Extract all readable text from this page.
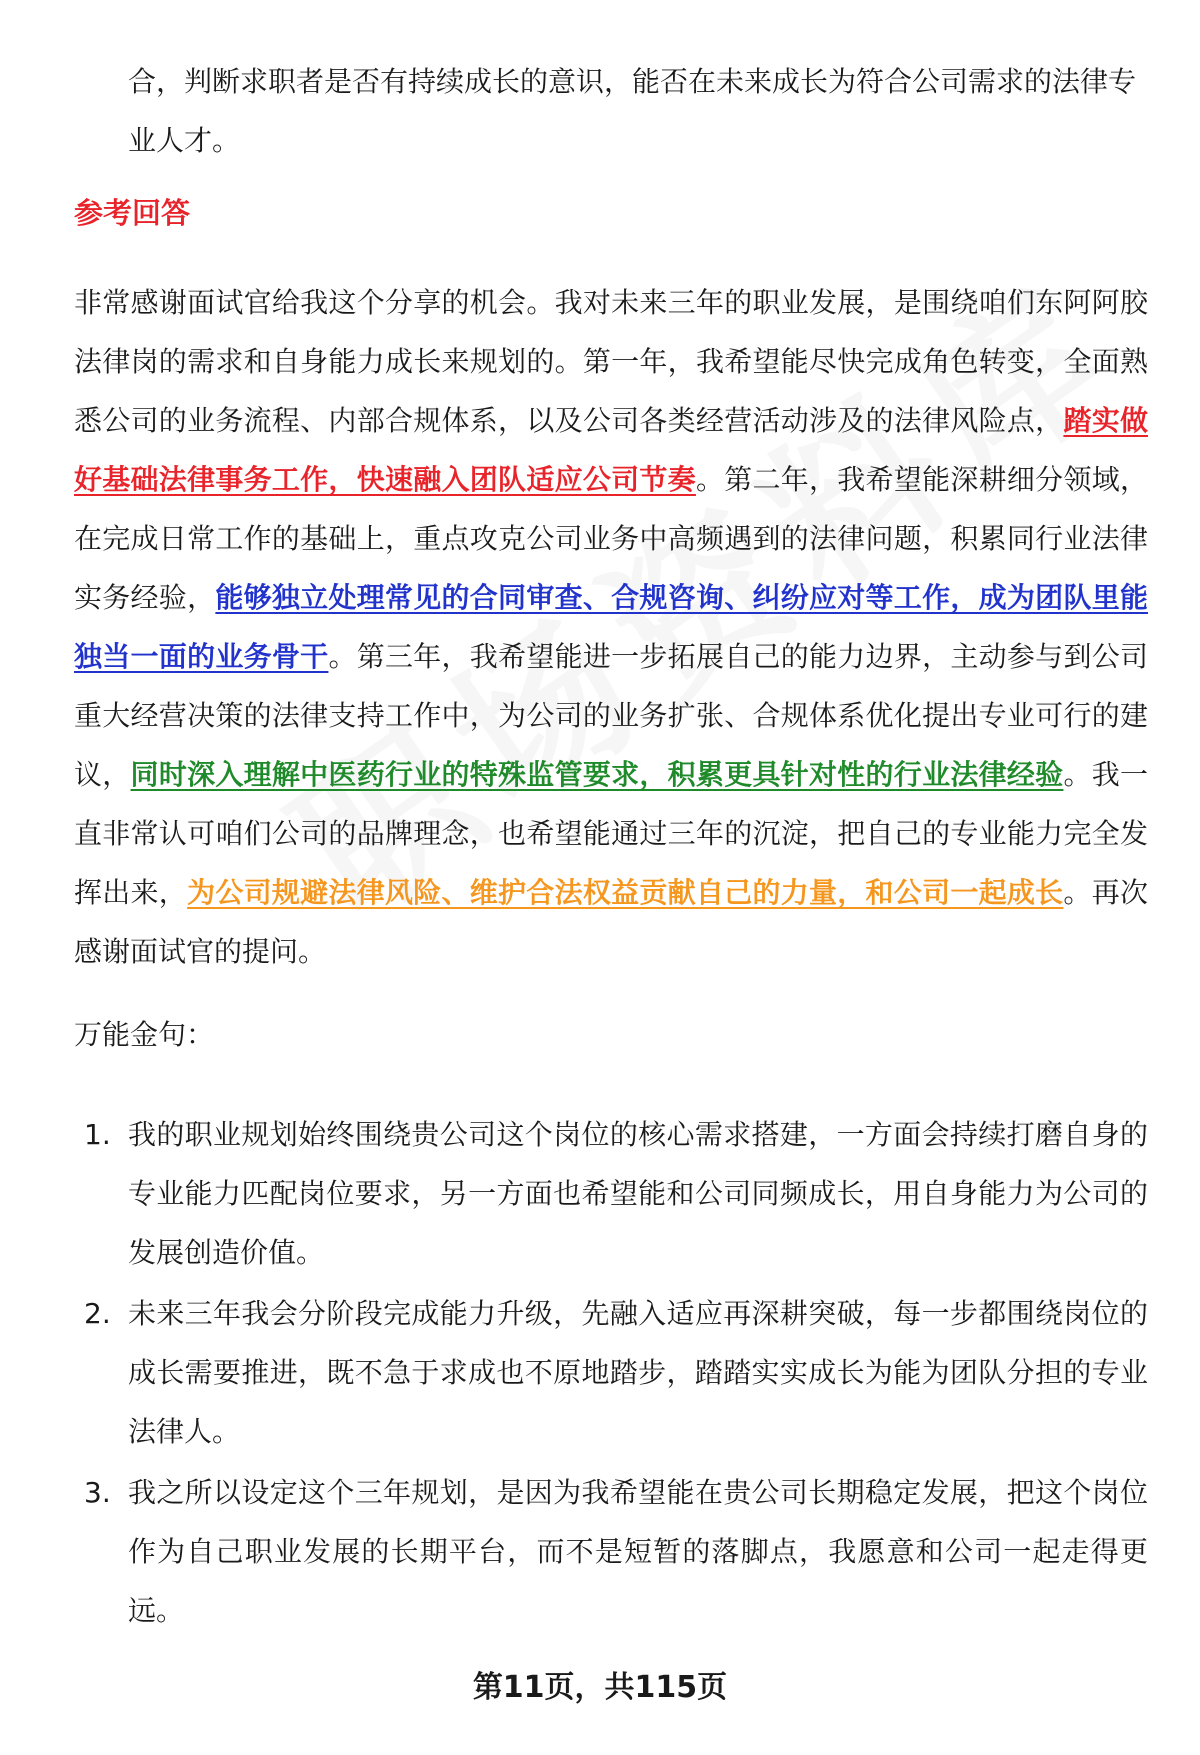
合，判断求职者是否有持续成长的意识，能否在未来成长为符合公司需求的法律专业人才。

参考回答

非常感谢面试官给我这个分享的机会。我对未来三年的职业发展，是围绕咱们东阿阿胶法律岗的需求和自身能力成长来规划的。第一年，我希望能尽快完成角色转变，全面熟悉公司的业务流程、内部合规体系，以及公司各类经营活动涉及的法律风险点，踏实做好基础法律事务工作，快速融入团队适应公司节奏。第二年，我希望能深耕细分领域，在完成日常工作的基础上，重点攻克公司业务中高频遇到的法律问题，积累同行业法律实务经验，能够独立处理常见的合同审查、合规咨询、纠纷应对等工作，成为团队里能独当一面的业务骨干。第三年，我希望能进一步拓展自己的能力边界，主动参与到公司重大经营决策的法律支持工作中，为公司的业务扩张、合规体系优化提出专业可行的建议，同时深入理解中医药行业的特殊监管要求，积累更具针对性的行业法律经验。我一直非常认可咱们公司的品牌理念，也希望能通过三年的沉淀，把自己的专业能力完全发挥出来，为公司规避法律风险、维护合法权益贡献自己的力量，和公司一起成长。再次感谢面试官的提问。

万能金句：
1. 我的职业规划始终围绕贵公司这个岗位的核心需求搭建，一方面会持续打磨自身的专业能力匹配岗位要求，另一方面也希望能和公司同频成长，用自身能力为公司的发展创造价值。
2. 未来三年我会分阶段完成能力升级，先融入适应再深耕突破，每一步都围绕岗位的成长需要推进，既不急于求成也不原地踏步，踏踏实实成长为能为团队分担的专业法律人。
3. 我之所以设定这个三年规划，是因为我希望能在贵公司长期稳定发展，把这个岗位作为自己职业发展的长期平台，而不是短暂的落脚点，我愿意和公司一起走得更远。
第11页，共115页
